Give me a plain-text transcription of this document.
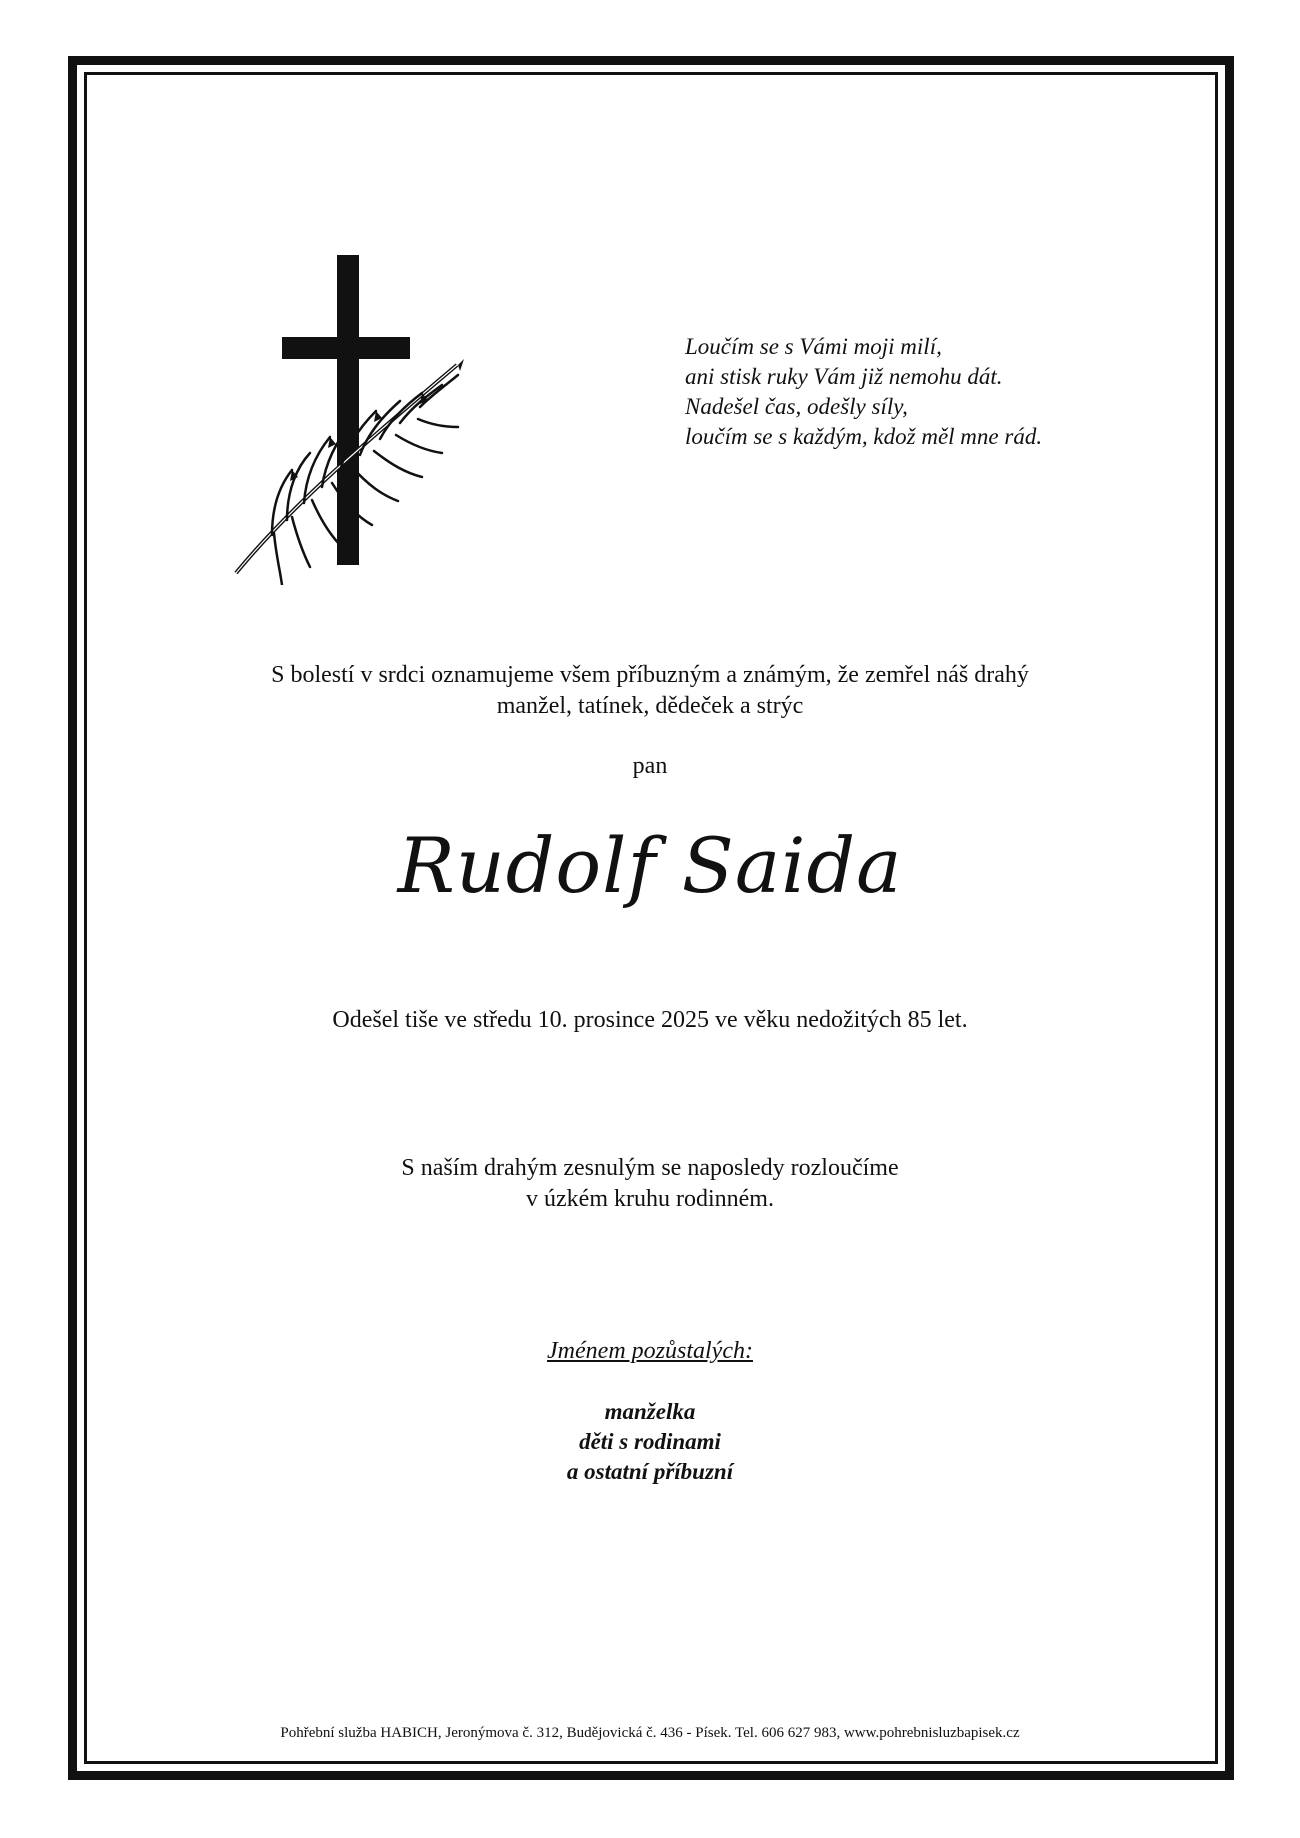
Loučím se s Vámi moji milí,
ani stisk ruky Vám již nemohu dát.
Nadešel čas, odešly síly,
loučím se s každým, kdož měl mne rád.
S bolestí v srdci oznamujeme všem příbuzným a známým, že zemřel náš drahý
manžel, tatínek, dědeček a strýc
pan
Rudolf Saida
Odešel tiše ve středu 10. prosince 2025 ve věku nedožitých 85 let.
S naším drahým zesnulým se naposledy rozloučíme
v úzkém kruhu rodinném.
Jménem pozůstalých:
manželka
děti s rodinami
a ostatní příbuzní
Pohřební služba HABICH, Jeronýmova č. 312, Budějovická č. 436 - Písek. Tel. 606 627 983, www.pohrebnisluzbapisek.cz
